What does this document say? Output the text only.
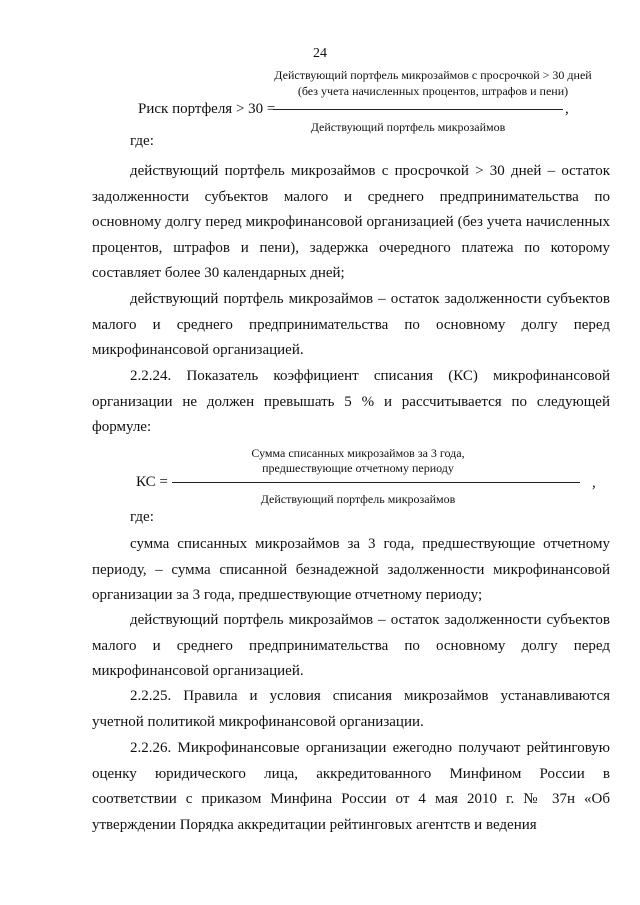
24
Действующий портфель микрозаймов с просрочкой > 30 дней
(без учета начисленных процентов, штрафов и пени)
Риск портфеля > 30 =	,
Действующий портфель микрозаймов

где:

действующий портфель микрозаймов с просрочкой > 30 дней – остаток задолженности субъектов малого и среднего предпринимательства по основному долгу перед микрофинансовой организацией (без учета начисленных процентов, штрафов и пени), задержка очередного платежа по которому составляет более 30 календарных дней;

действующий портфель микрозаймов – остаток задолженности субъектов малого и среднего предпринимательства по основному долгу перед микрофинансовой организацией.

2.2.24. Показатель коэффициент списания (КС) микрофинансовой организации не должен превышать 5 % и рассчитывается по следующей формуле:

Сумма списанных микрозаймов за 3 года,
предшествующие отчетному периоду
КС =	,
Действующий портфель микрозаймов

где:

сумма списанных микрозаймов за 3 года, предшествующие отчетному периоду, – сумма списанной безнадежной задолженности микрофинансовой организации за 3 года, предшествующие отчетному периоду;

действующий портфель микрозаймов – остаток задолженности субъектов малого и среднего предпринимательства по основному долгу перед микрофинансовой организацией.

2.2.25. Правила и условия списания микрозаймов устанавливаются учетной политикой микрофинансовой организации.

2.2.26. Микрофинансовые организации ежегодно получают рейтинговую оценку юридического лица, аккредитованного Минфином России в соответствии с приказом Минфина России от 4 мая 2010 г. № 37н «Об утверждении Порядка аккредитации рейтинговых агентств и ведения
